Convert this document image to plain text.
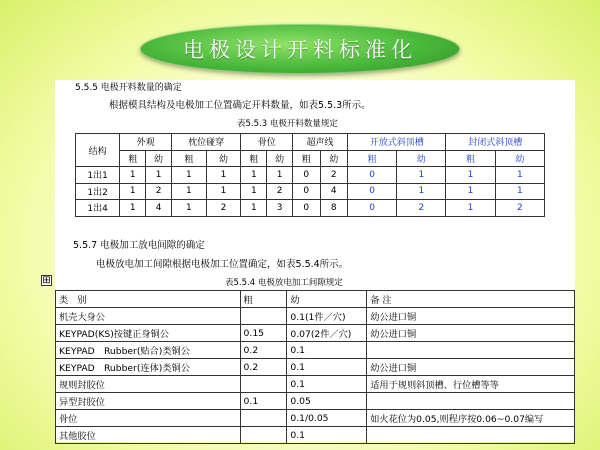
电极设计开料标准化
5.5.5 电极开料数量的确定
根据模具结构及电极加工位置确定开料数量，如表5.5.3所示。
表5.5.3 电极开料数量规定
结构	外观		枕位碰穿		骨位		超声线		开放式斜顶槽		封闭式斜顶槽	
	粗	幼	粗	幼	粗	幼	粗	幼	粗	幼	粗	幼
1出1	1	1	1	1	1	1	0	2	0	1	1	1
1出2	1	2	1	1	1	2	0	4	0	1	1	1
1出4	1	4	1	2	1	3	0	8	0	2	1	2
5.5.7 电极加工放电间隙的确定
电极放电加工间隙根据电极加工位置确定，如表5.5.4所示。
⊞	表5.5.4 电极放电加工间隙规定
类　别	粗	幼	备 注
机壳大身公		0.1(1件／穴)	幼公进口铜
KEYPAD(KS)按键正身铜公	0.15	0.07(2件／穴)	幼公进口铜
KEYPAD　Rubber(贴合)类铜公	0.2	0.1	
KEYPAD　Rubber(连体)类铜公	0.2	0.1	幼公进口铜
规则封胶位		0.1	适用于规则斜顶槽、行位槽等等
异型封胶位	0.1	0.05	
骨位		0.1/0.05	如火花位为0.05,则程序按0.06~0.07编写
其他胶位		0.1	
